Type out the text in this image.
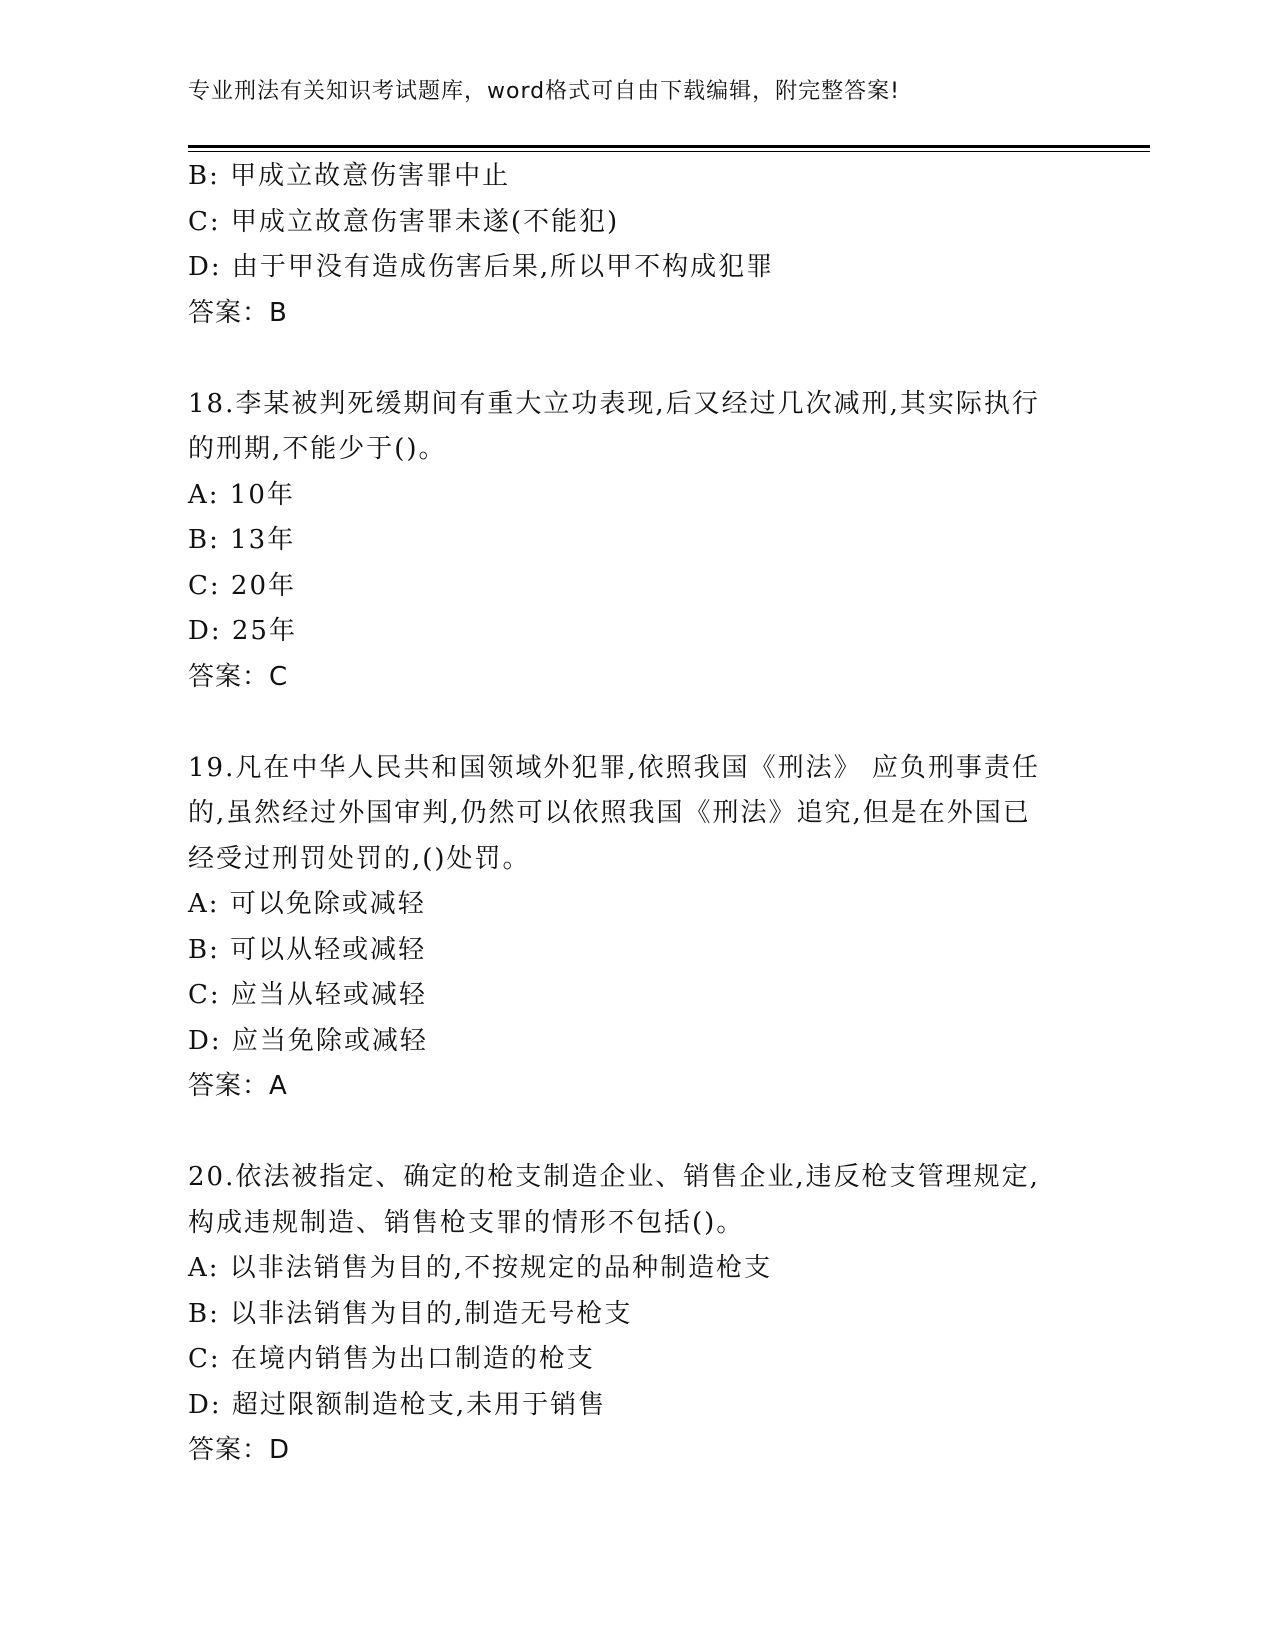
专业刑法有关知识考试题库，word格式可自由下载编辑，附完整答案!
B: 甲成立故意伤害罪中止
C: 甲成立故意伤害罪未遂(不能犯)
D: 由于甲没有造成伤害后果,所以甲不构成犯罪
答案：B
18.李某被判死缓期间有重大立功表现,后又经过几次减刑,其实际执行
的刑期,不能少于()。
A: 10年
B: 13年
C: 20年
D: 25年
答案：C
19.凡在中华人民共和国领域外犯罪,依照我国《刑法》 应负刑事责任
的,虽然经过外国审判,仍然可以依照我国《刑法》追究,但是在外国已
经受过刑罚处罚的,()处罚。
A: 可以免除或减轻
B: 可以从轻或减轻
C: 应当从轻或减轻
D: 应当免除或减轻
答案：A
20.依法被指定、确定的枪支制造企业、销售企业,违反枪支管理规定,
构成违规制造、销售枪支罪的情形不包括()。
A: 以非法销售为目的,不按规定的品种制造枪支
B: 以非法销售为目的,制造无号枪支
C: 在境内销售为出口制造的枪支
D: 超过限额制造枪支,未用于销售
答案：D
